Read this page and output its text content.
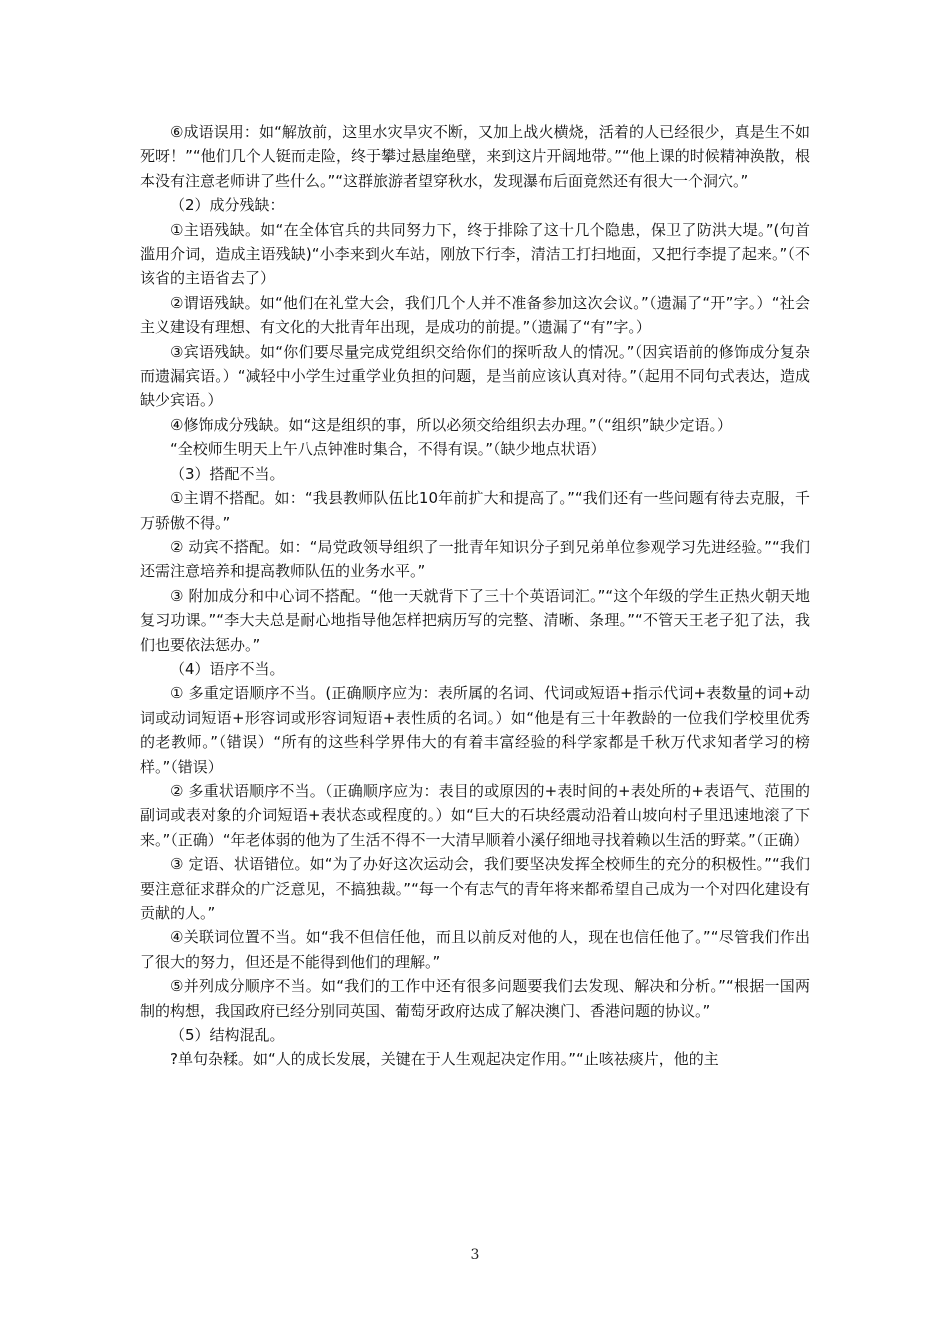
⑥成语误用：如“解放前，这里水灾旱灾不断，又加上战火横烧，活着的人已经很少，真是生不如死呀！”“他们几个人铤而走险，终于攀过悬崖绝壁，来到这片开阔地带。”“他上课的时候精神涣散，根本没有注意老师讲了些什么。”“这群旅游者望穿秋水，发现瀑布后面竟然还有很大一个洞穴。”

（2）成分残缺：

①主语残缺。如“在全体官兵的共同努力下，终于排除了这十几个隐患，保卫了防洪大堤。”(句首滥用介词，造成主语残缺)“小李来到火车站，刚放下行李，清洁工打扫地面，又把行李提了起来。”（不该省的主语省去了）

②谓语残缺。如“他们在礼堂大会，我们几个人并不准备参加这次会议。”（遗漏了“开”字。）“社会主义建设有理想、有文化的大批青年出现，是成功的前提。”（遗漏了“有”字。）

③宾语残缺。如“你们要尽量完成党组织交给你们的探听敌人的情况。”（因宾语前的修饰成分复杂而遗漏宾语。）“减轻中小学生过重学业负担的问题，是当前应该认真对待。”（起用不同句式表达，造成缺少宾语。）

④修饰成分残缺。如“这是组织的事，所以必须交给组织去办理。”（“组织”缺少定语。）

“全校师生明天上午八点钟准时集合，不得有误。”（缺少地点状语）

（3）搭配不当。

①主谓不搭配。如：“我县教师队伍比10年前扩大和提高了。”“我们还有一些问题有待去克服，千万骄傲不得。”

② 动宾不搭配。如：“局党政领导组织了一批青年知识分子到兄弟单位参观学习先进经验。”“我们还需注意培养和提高教师队伍的业务水平。”

③ 附加成分和中心词不搭配。“他一天就背下了三十个英语词汇。”“这个年级的学生正热火朝天地复习功课。”“李大夫总是耐心地指导他怎样把病历写的完整、清晰、条理。”“不管天王老子犯了法，我们也要依法惩办。”

（4）语序不当。

① 多重定语顺序不当。(正确顺序应为：表所属的名词、代词或短语+指示代词+表数量的词+动词或动词短语+形容词或形容词短语+表性质的名词。）如“他是有三十年教龄的一位我们学校里优秀的老教师。”（错误）“所有的这些科学界伟大的有着丰富经验的科学家都是千秋万代求知者学习的榜样。”（错误）

② 多重状语顺序不当。（正确顺序应为：表目的或原因的+表时间的+表处所的+表语气、范围的副词或表对象的介词短语+表状态或程度的。）如“巨大的石块经震动沿着山坡向村子里迅速地滚了下来。”（正确）“年老体弱的他为了生活不得不一大清早顺着小溪仔细地寻找着赖以生活的野菜。”（正确）

③ 定语、状语错位。如“为了办好这次运动会，我们要坚决发挥全校师生的充分的积极性。”“我们要注意征求群众的广泛意见，不搞独裁。”“每一个有志气的青年将来都希望自己成为一个对四化建设有贡献的人。”

④关联词位置不当。如“我不但信任他，而且以前反对他的人，现在也信任他了。”“尽管我们作出了很大的努力，但还是不能得到他们的理解。”

⑤并列成分顺序不当。如“我们的工作中还有很多问题要我们去发现、解决和分析。”“根据一国两制的构想，我国政府已经分别同英国、葡萄牙政府达成了解决澳门、香港问题的协议。”

（5）结构混乱。

?单句杂糅。如“人的成长发展，关键在于人生观起决定作用。”“止咳祛痰片，他的主

3
